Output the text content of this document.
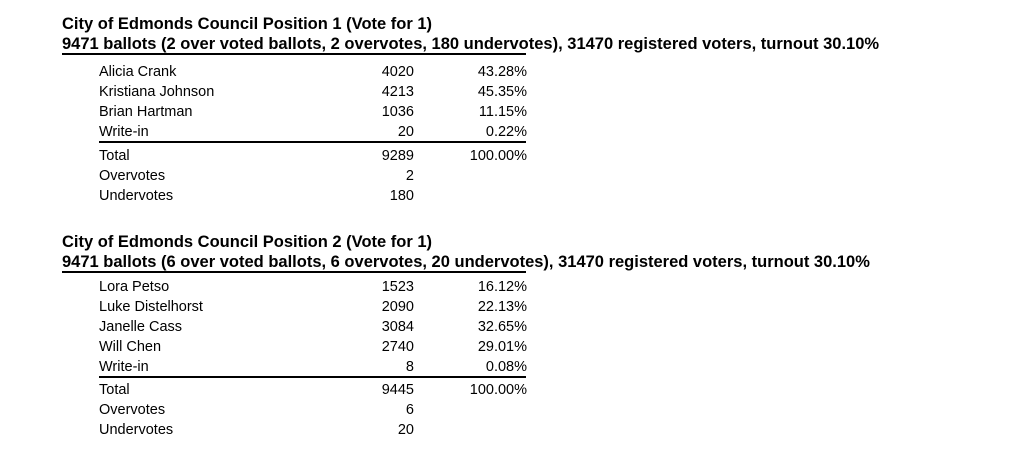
City of Edmonds Council Position 1 (Vote for 1)
9471 ballots (2 over voted ballots, 2 overvotes, 180 undervotes), 31470 registered voters, turnout 30.10%
Alicia Crank	4020	43.28%
Kristiana Johnson	4213	45.35%
Brian Hartman	1036	11.15%
Write-in	20	0.22%
Total	9289	100.00%
Overvotes	2
Undervotes	180
City of Edmonds Council Position 2 (Vote for 1)
9471 ballots (6 over voted ballots, 6 overvotes, 20 undervotes), 31470 registered voters, turnout 30.10%
Lora Petso	1523	16.12%
Luke Distelhorst	2090	22.13%
Janelle Cass	3084	32.65%
Will Chen	2740	29.01%
Write-in	8	0.08%
Total	9445	100.00%
Overvotes	6
Undervotes	20
